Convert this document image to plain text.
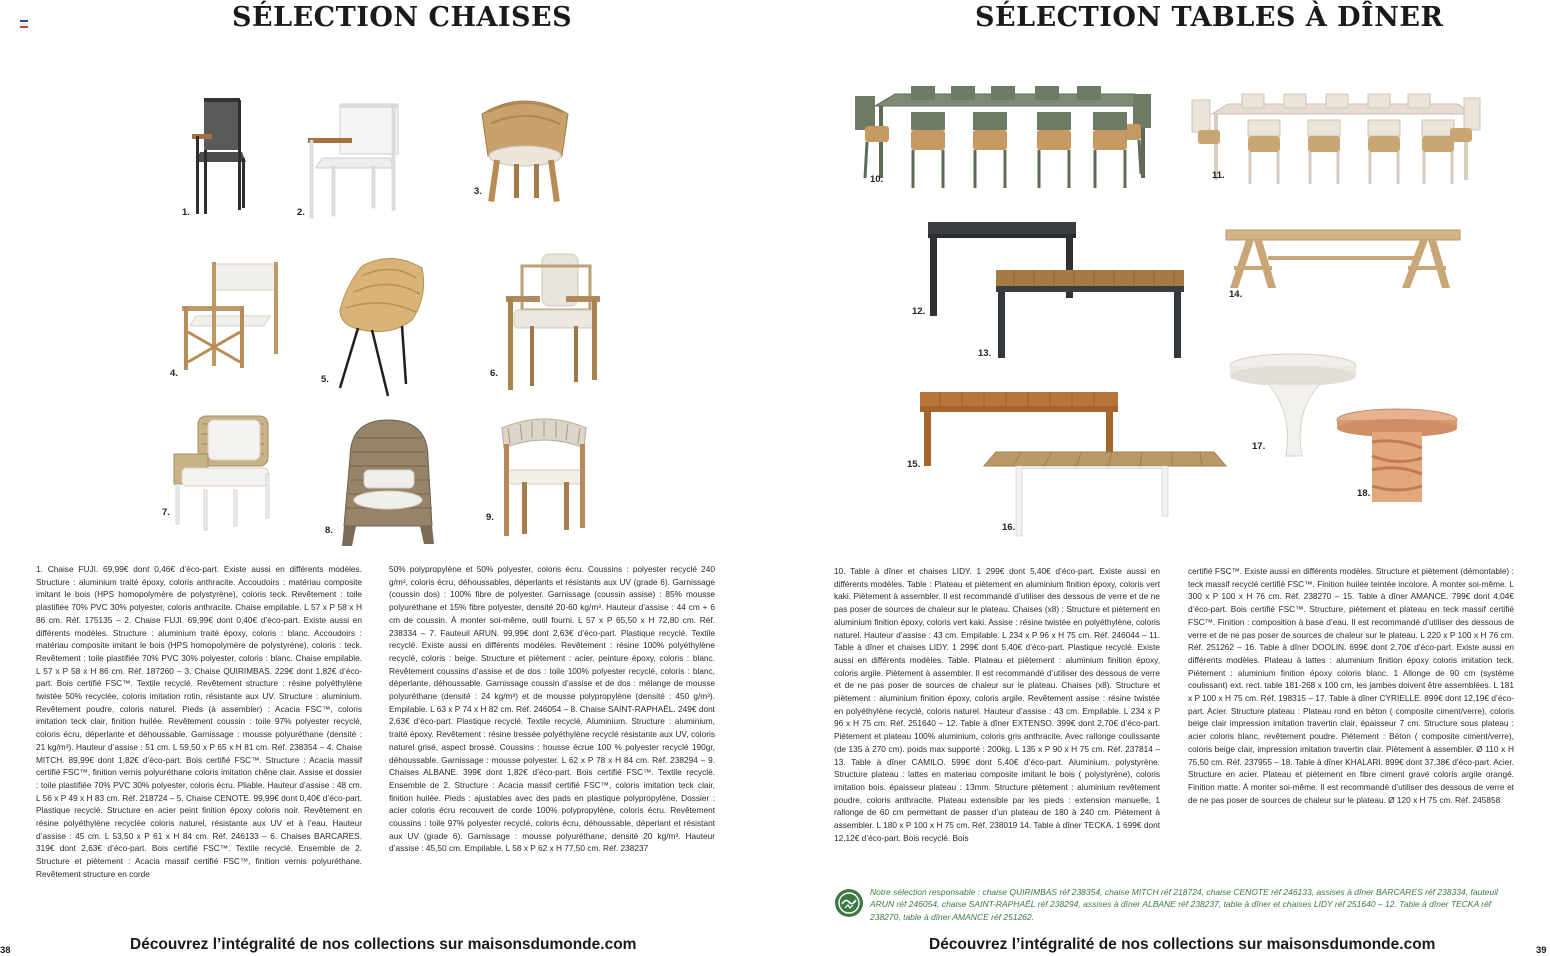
SÉLECTION CHAISES
1.	2.
3.
4.
5.
6.
7.
8.
9.

1. Chaise FUJI. 69,99€ dont 0,46€ d’éco-part. Existe aussi en différents modèles. Structure : aluminium traité époxy, coloris anthracite. Accoudoirs : matériau composite imitant le bois (HPS homopolymère de polystyrène), coloris teck. Revêtement : toile plastifiée 70% PVC 30% polyester, coloris anthracite. Chaise empilable. L 57 x P 58 x H 86 cm. Réf. 175135 – 2. Chaise FUJI. 69,99€ dont 0,40€ d’éco-part. Existe aussi en différents modèles. Structure : aluminium traité époxy, coloris : blanc. Accoudoirs : matériau composite imitant le bois (HPS homopolymère de polystyrène), coloris : teck. Revêtement : toile plastifiée 70% PVC 30% polyester, coloris : blanc. Chaise empilable. L 57 x P 58 x H 86 cm. Réf. 187260 – 3. Chaise QUIRIMBAS. 229€ dont 1,82€ d’éco-part. Bois certifié FSC™. Textile recyclé. Revêtement structure : résine polyéthylène twistée 50% recyclée, coloris imitation rotin, résistante aux UV. Structure : aluminium. Revêtement poudre, coloris naturel. Pieds (à assembler) : Acacia FSC™, coloris imitation teck clair, finition huilée. Revêtement coussin : toile 97% polyester recyclé, coloris écru, déperlante et déhoussable. Garnissage : mousse polyuréthane (densité : 21 kg/m³). Hauteur d’assise : 51 cm. L 59,50 x P 65 x H 81 cm. Réf. 238354 – 4. Chaise MITCH. 89,99€ dont 1,82€ d’éco-part. Bois certifié FSC™. Structure : Acacia massif certifié FSC™, finition vernis polyuréthane coloris imitation chêne clair. Assise et dossier : toile plastifiée 70% PVC 30% polyester, coloris écru. Pliable. Hauteur d’assise : 48 cm. L 56 x P 49 x H 83 cm. Réf. 218724 – 5. Chaise CENOTE. 99,99€ dont 0,40€ d’éco-part. Plastique recyclé. Structure en acier peint finition époxy coloris noir. Revêtement en résine polyéthylène recyclée coloris naturel, résistante aux UV et à l’eau. Hauteur d’assise : 45 cm. L 53,50 x P 61 x H 84 cm. Réf. 246133 – 6. Chaises BARCARES. 319€ dont 2,63€ d’éco-part. Bois certifié FSC™. Textile recyclé. Ensemble de 2. Structure et piètement : Acacia massif certifié FSC™, finition vernis polyuréthane. Revêtement structure en corde

50% polypropylène et 50% polyester, coloris écru. Coussins : polyester recyclé 240 g/m², coloris écru, déhoussables, déperlants et résistants aux UV (grade 6). Garnissage (coussin dos) : 100% fibre de polyester. Garnissage (coussin assise) : 85% mousse polyuréthane et 15% fibre polyester, densité 20-60 kg/m³. Hauteur d’assise : 44 cm + 6 cm de coussin. À monter soi-même, outil fourni. L 57 x P 65,50 x H 72,80 cm. Réf. 238334 – 7. Fauteuil ARUN. 99,99€ dont 2,63€ d’éco-part. Plastique recyclé. Textile recyclé. Existe aussi en différents modèles. Revêtement : résine 100% polyéthylène recyclé, coloris : beige. Structure et piètement : acier, peinture époxy, coloris : blanc. Revêtement coussins d’assise et de dos : toile 100% polyester recyclé, coloris : blanc, déperlante, déhoussable. Garnissage coussin d’assise et de dos : mélange de mousse polyuréthane (densité : 24 kg/m³) et de mousse polypropylène (densité : 450 g/m³). Empilable. L 63 x P 74 x H 82 cm. Réf. 246054 – 8. Chaise SAINT-RAPHAËL. 249€ dont 2,63€ d’éco-part. Plastique recyclé. Textile recyclé. Aluminium. Structure : aluminium, traité époxy. Revêtement : résine tressée polyéthylène recyclé résistante aux UV, coloris naturel grisé, aspect brossé. Coussins : housse écrue 100 % polyester recyclé 190gr, déhoussable. Garnissage : mousse polyester. L 62 x P 78 x H 84 cm. Réf. 238294 – 9. Chaises ALBANE. 399€ dont 1,82€ d’éco-part. Bois certifié FSC™. Textile recyclé. Ensemble de 2. Structure : Acacia massif certifié FSC™, coloris imitation teck clair, finition huilée. Pieds : ajustables avec des pads en plastique polypropylène. Dossier : acier coloris écru recouvert de corde 100% polypropylène, coloris écru. Revêtement coussins : toile 97% polyester recyclé, coloris écru, déhoussable, déperlant et résistant aux UV (grade 6). Garnissage : mousse polyuréthane, densité 20 kg/m³. Hauteur d’assise : 45,50 cm. Empilable. L 58 x P 62 x H 77,50 cm. Réf. 238237

38	Découvrez l’intégralité de nos collections sur maisonsdumonde.com
SÉLECTION TABLES À DÎNER
10.	11.
12.
13.
14.
15.
16.
17.
18.

10. Table à dîner et chaises LIDY. 1 299€ dont 5,40€ d’éco-part. Existe aussi en différents modèles. Table : Plateau et piètement en aluminium finition époxy, coloris vert kaki. Piètement à assembler. Il est recommandé d’utiliser des dessous de verre et de ne pas poser de sources de chaleur sur le plateau. Chaises (x8) : Structure et piètement en aluminium finition époxy, coloris vert kaki. Assise : résine twistée en polyéthylène, coloris naturel. Hauteur d’assise : 43 cm. Empilable. L 234 x P 96 x H 75 cm. Réf. 246044 – 11. Table à dîner et chaises LIDY. 1 299€ dont 5,40€ d’éco-part. Plastique recyclé. Existe aussi en différents modèles. Table. Plateau et piètement : aluminium finition époxy, coloris argile. Piètement à assembler. Il est recommandé d’utiliser des dessous de verre et de ne pas poser de sources de chaleur sur le plateau. Chaises (x8). Structure et piètement : aluminium finition époxy, coloris argile. Revêtement assise : résine twistée en polyéthylène recyclé, coloris naturel. Hauteur d’assise : 43 cm. Empilable. L 234 x P 96 x H 75 cm. Réf. 251640 – 12. Table à dîner EXTENSO. 399€ dont 2,70€ d’éco-part. Piètement et plateau 100% aluminium, coloris gris anthracite. Avec rallonge coulissante (de 135 à 270 cm). poids max supporté : 200kg. L 135 x P 90 x H 75 cm. Réf. 237814 – 13. Table à dîner CAMILO. 599€ dont 5,40€ d’éco-part. Aluminium. polystyrène. Structure plateau : lattes en materiau composite imitant le bois ( polystyrène), coloris imitation bois. épaisseur plateau : 13mm. Structure piètement : aluminium revêtement poudre, coloris anthracite. Plateau extensible par les pieds : extension manuelle, 1 rallonge de 60 cm permettant de passer d’un plateau de 180 à 240 cm. Piètement à assembler. L 180 x P 100 x H 75 cm. Réf. 238019 14. Table à dîner TECKA. 1 699€ dont 12,12€ d’éco-part. Bois recyclé. Bois

certifié FSC™. Existe aussi en différents modèles. Structure et piètement (démontable) : teck massif recyclé certifié FSC™. Finition huilée teintée incolore. À monter soi-même. L 300 x P 100 x H 76 cm. Réf. 238270 – 15. Table à dîner AMANCE. 799€ dont 4,04€ d’éco-part. Bois certifié FSC™. Structure, piètement et plateau en teck massif certifié FSC™. Finition : composition à base d’eau. Il est recommandé d’utiliser des dessous de verre et de ne pas poser de sources de chaleur sur le plateau. L 220 x P 100 x H 76 cm. Réf. 251262 – 16. Table à dîner DOOLIN. 699€ dont 2,70€ d’éco-part. Existe aussi en différents modèles. Plateau à lattes : aluminium finition époxy coloris imitation teck. Piètement : aluminium finition époxy coloris blanc. 1 Allonge de 90 cm (système coulissant) ext. rect. table 181-268 x 100 cm, les jambes doivent être assemblées. L 181 x P 100 x H 75 cm. Réf. 198315 – 17. Table à dîner CYRIELLE. 899€ dont 12,19€ d’éco-part. Acier. Structure plateau : Plateau rond en béton ( composite ciment/verre), coloris beige clair impression imitation travertin clair, épaisseur 7 cm. Structure sous plateau : acier coloris blanc, revêtement poudre. Piètement : Béton ( composite ciment/verre), coloris beige clair, impression imitation travertin clair. Piètement à assembler. Ø 110 x H 75,50 cm. Réf. 237955 – 18. Table à dîner KHALARI. 899€ dont 37,38€ d’éco-part. Acier. Structure en acier. Plateau et piètement en fibre ciment gravé coloris argile orangé. Finition matte. À monter soi-même. Il est recommandé d’utiliser des dessous de verre et de ne pas poser de sources de chaleur sur le plateau. Ø 120 x H 75 cm. Réf. 245858

Notre sélection responsable : chaise QUIRIMBAS réf 238354, chaise MITCH réf 218724, chaise CENOTE réf 246133, assises à dîner BARCARES réf 238334, fauteuil ARUN réf 246054, chaise SAINT-RAPHAËL réf 238294, assises à dîner ALBANE réf 238237, table à dîner et chaises LIDY réf 251640 – 12. Table à dîner TECKA réf 238270, table à dîner AMANCE réf 251262.
Découvrez l’intégralité de nos collections sur maisonsdumonde.com	39
